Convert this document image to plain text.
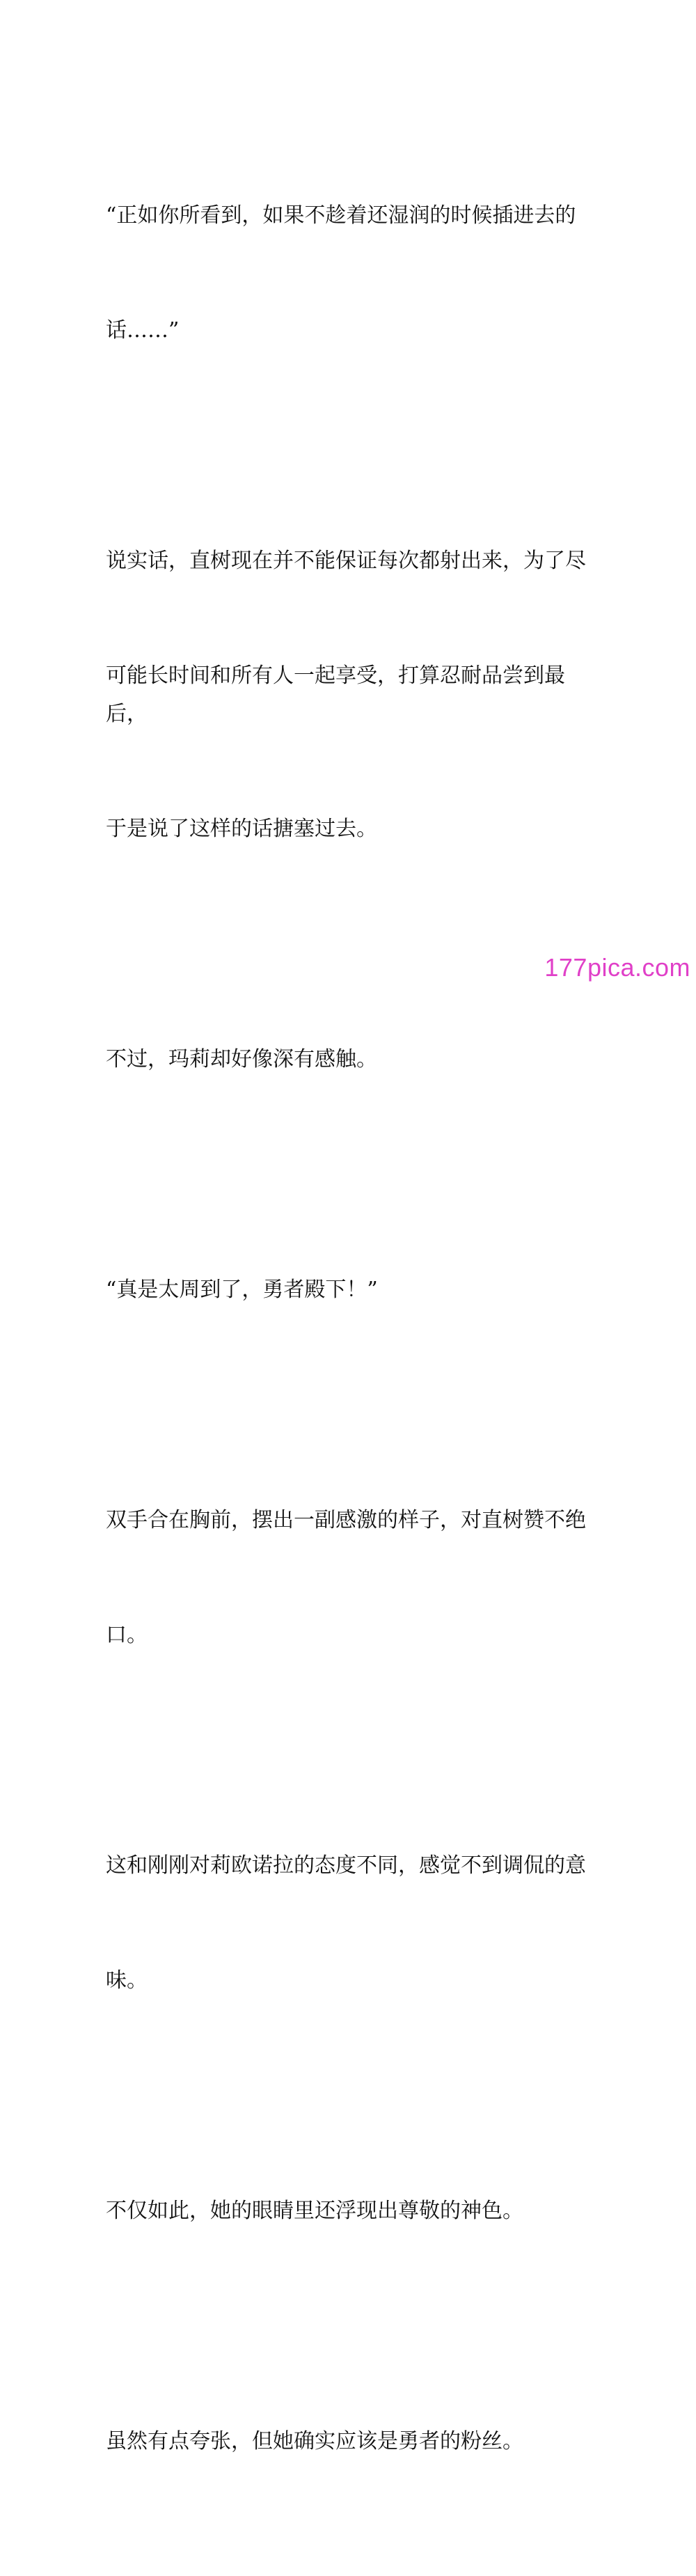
“正如你所看到，如果不趁着还湿润的时候插进去的

话……”

说实话，直树现在并不能保证每次都射出来，为了尽

可能长时间和所有人一起享受，打算忍耐品尝到最后，

于是说了这样的话搪塞过去。

不过，玛莉却好像深有感触。

“真是太周到了，勇者殿下！”

双手合在胸前，摆出一副感激的样子，对直树赞不绝

口。

这和刚刚对莉欧诺拉的态度不同，感觉不到调侃的意

味。

不仅如此，她的眼睛里还浮现出尊敬的神色。

虽然有点夸张，但她确实应该是勇者的粉丝。

177pica.com
